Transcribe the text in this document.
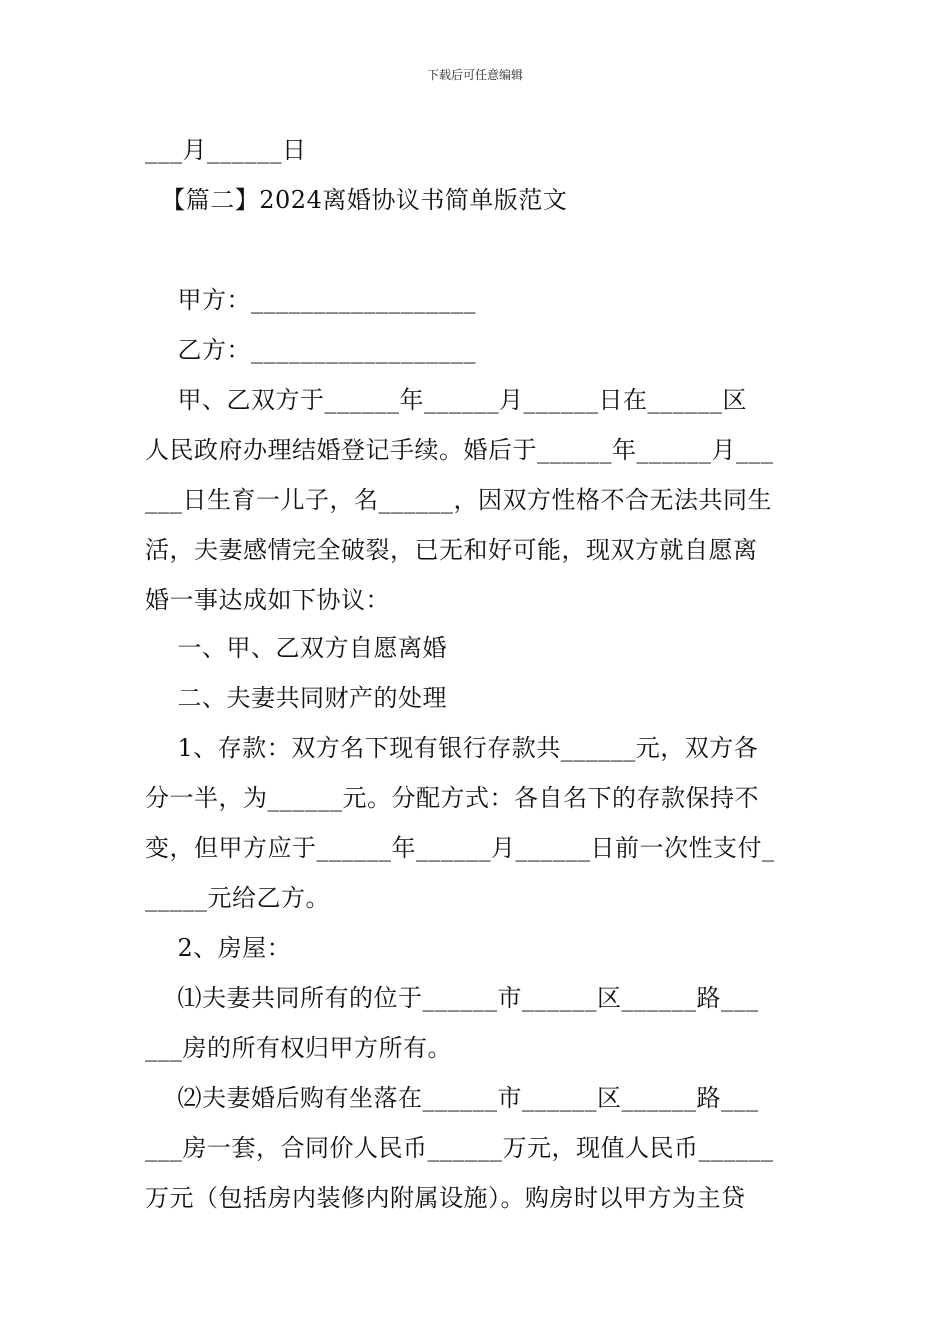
下载后可任意编辑
___月______日
【篇二】2024离婚协议书简单版范文
甲方：__________________
乙方：__________________
甲、乙双方于______年______月______日在______区
人民政府办理结婚登记手续。婚后于______年______月___
___日生育一儿子，名______，因双方性格不合无法共同生
活，夫妻感情完全破裂，已无和好可能，现双方就自愿离
婚一事达成如下协议：
一、甲、乙双方自愿离婚
二、夫妻共同财产的处理
1、存款：双方名下现有银行存款共______元，双方各
分一半，为______元。分配方式：各自名下的存款保持不
变，但甲方应于______年______月______日前一次性支付_
_____元给乙方。
2、房屋：
⑴夫妻共同所有的位于______市______区______路___
___房的所有权归甲方所有。
⑵夫妻婚后购有坐落在______市______区______路___
___房一套，合同价人民币______万元，现值人民币______
万元（包括房内装修内附属设施）。购房时以甲方为主贷
